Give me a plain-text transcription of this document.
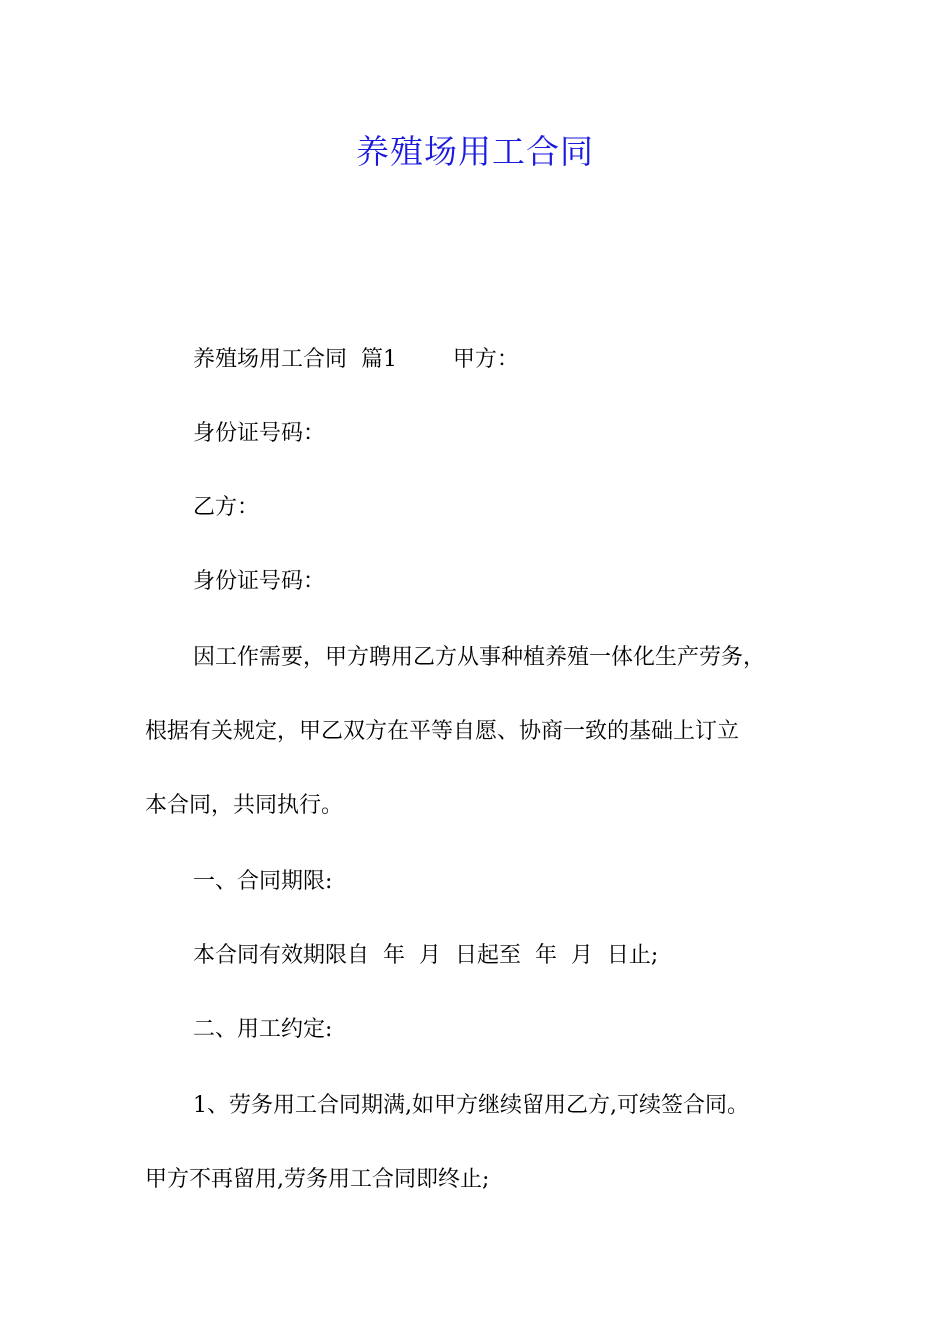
养殖场用工合同
养殖场用工合同  篇1        甲方：
身份证号码：
乙方：
身份证号码：
因工作需要，甲方聘用乙方从事种植养殖一体化生产劳务，
根据有关规定，甲乙双方在平等自愿、协商一致的基础上订立
本合同，共同执行。
一、合同期限:
本合同有效期限自  年  月  日起至  年  月  日止;
二、用工约定:
1、劳务用工合同期满,如甲方继续留用乙方,可续签合同。
甲方不再留用,劳务用工合同即终止;
